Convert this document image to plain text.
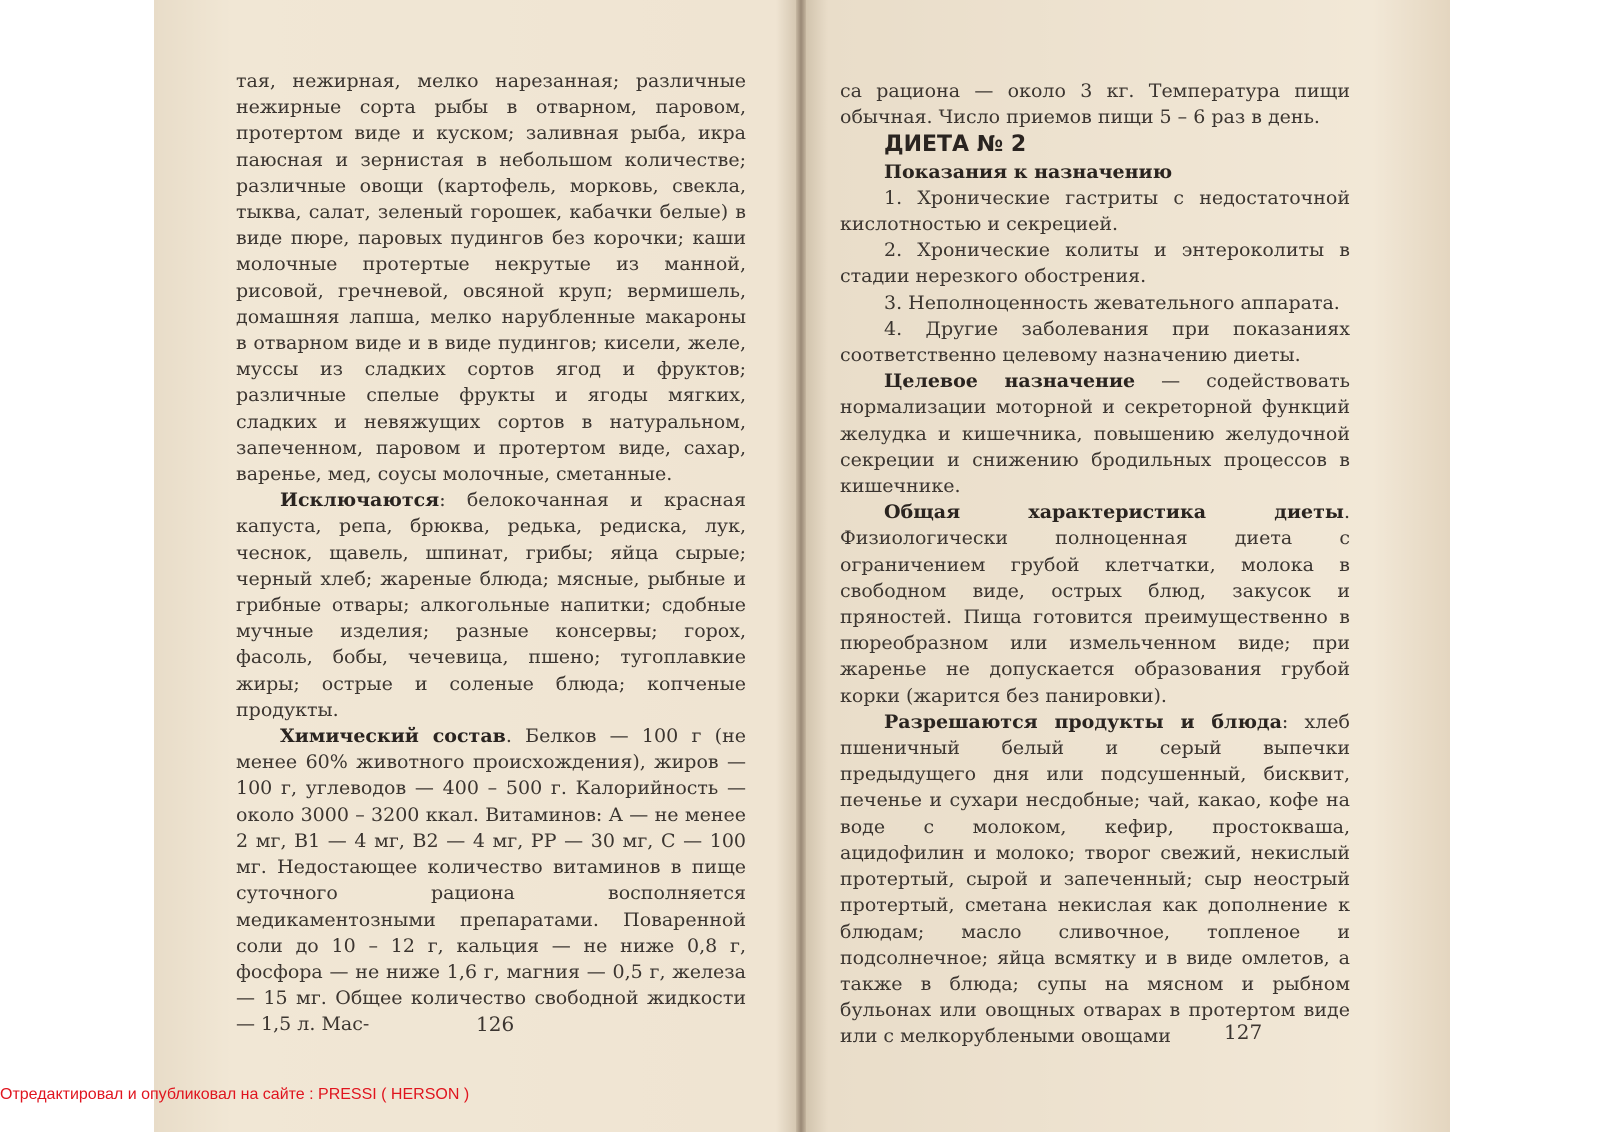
тая, нежирная, мелко нарезанная; различные нежирные сорта рыбы в отварном, паровом, протертом виде и куском; заливная рыба, икра паюсная и зернистая в небольшом количестве; различные овощи (картофель, морковь, свекла, тыква, салат, зеленый горошек, кабачки белые) в виде пюре, паровых пудингов без корочки; каши молочные протертые некрутые из манной, рисовой, гречневой, овсяной круп; вермишель, домашняя лапша, мелко нарубленные макароны в отварном виде и в виде пудингов; кисели, желе, муссы из сладких сортов ягод и фруктов; различные спелые фрукты и ягоды мягких, сладких и невяжущих сортов в натуральном, запеченном, паровом и протертом виде, сахар, варенье, мед, соусы молочные, сметанные.

Исключаются: белокочанная и красная капуста, репа, брюква, редька, редиска, лук, чеснок, щавель, шпинат, грибы; яйца сырые; черный хлеб; жареные блюда; мясные, рыбные и грибные отвары; алкогольные напитки; сдобные мучные изделия; разные консервы; горох, фасоль, бобы, чечевица, пшено; тугоплавкие жиры; острые и соленые блюда; копченые продукты.

Химический состав. Белков — 100 г (не менее 60% животного происхождения), жиров — 100 г, углеводов — 400 – 500 г. Калорийность — около 3000 – 3200 ккал. Витаминов: А — не менее 2 мг, В1 — 4 мг, В2 — 4 мг, РР — 30 мг, С — 100 мг. Недостающее количество витаминов в пище суточного рациона восполняется медикаментозными препаратами. Поваренной соли до 10 – 12 г, кальция — не ниже 0,8 г, фосфора — не ниже 1,6 г, магния — 0,5 г, железа — 15 мг. Общее количество свободной жидкости — 1,5 л. Мас-	126

са рациона — около 3 кг. Температура пищи обычная. Число приемов пищи 5 – 6 раз в день.

ДИЕТА № 2
Показания к назначению

1. Хронические гастриты с недостаточной кислотностью и секрецией.

2. Хронические колиты и энтероколиты в стадии нерезкого обострения.

3. Неполноценность жевательного аппарата.

4. Другие заболевания при показаниях соответственно целевому назначению диеты.

Целевое назначение — содействовать нормализации моторной и секреторной функций желудка и кишечника, повышению желудочной секреции и снижению бродильных процессов в кишечнике.

Общая характеристика диеты. Физиологически полноценная диета с ограничением грубой клетчатки, молока в свободном виде, острых блюд, закусок и пряностей. Пища готовится преимущественно в пюреобразном или измельченном виде; при жаренье не допускается образования грубой корки (жарится без панировки).

Разрешаются продукты и блюда: хлеб пшеничный белый и серый выпечки предыдущего дня или подсушенный, бисквит, печенье и сухари несдобные; чай, какао, кофе на воде с молоком, кефир, простокваша, ацидофилин и молоко; творог свежий, некислый протертый, сырой и запеченный; сыр неострый протертый, сметана некислая как дополнение к блюдам; масло сливочное, топленое и подсолнечное; яйца всмятку и в виде омлетов, а также в блюда; супы на мясном и рыбном бульонах или овощных отварах в протертом виде или с мелкорублеными овощами	127
Отредактировал и опубликовал на сайте : PRESSI ( HERSON )
